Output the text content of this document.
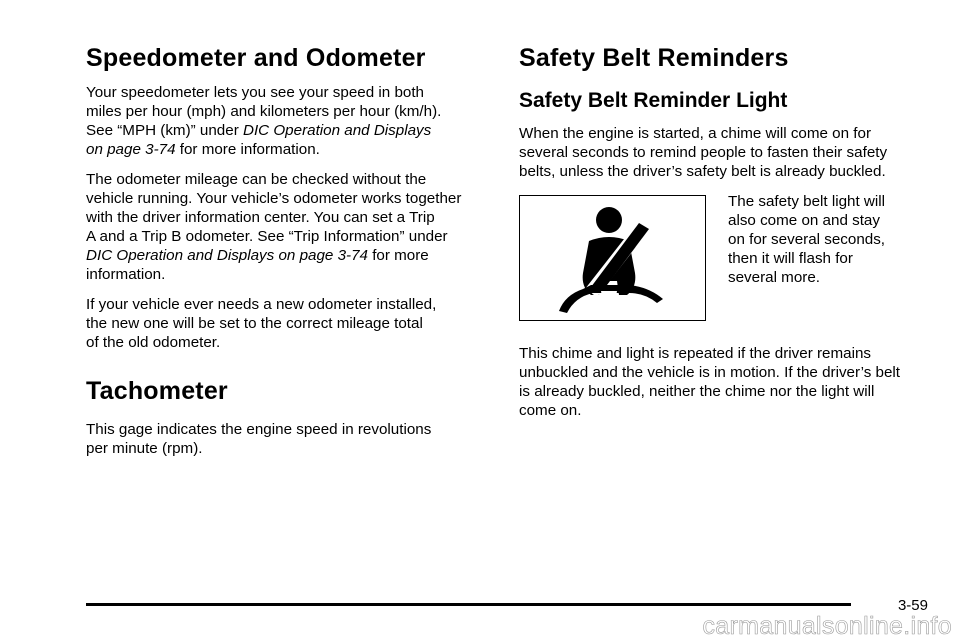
Speedometer and Odometer

Your speedometer lets you see your speed in both
miles per hour (mph) and kilometers per hour (km/h).
See “MPH (km)” under DIC Operation and Displays
on page 3-74 for more information.

The odometer mileage can be checked without the
vehicle running. Your vehicle’s odometer works together
with the driver information center. You can set a Trip
A and a Trip B odometer. See “Trip Information” under
DIC Operation and Displays on page 3-74 for more
information.

If your vehicle ever needs a new odometer installed,
the new one will be set to the correct mileage total
of the old odometer.

Tachometer

This gage indicates the engine speed in revolutions
per minute (rpm).

Safety Belt Reminders
Safety Belt Reminder Light

When the engine is started, a chime will come on for
several seconds to remind people to fasten their safety
belts, unless the driver’s safety belt is already buckled.

The safety belt light will
also come on and stay
on for several seconds,
then it will flash for
several more.

This chime and light is repeated if the driver remains
unbuckled and the vehicle is in motion. If the driver’s belt
is already buckled, neither the chime nor the light will
come on.

3-59
carmanualsonline.info
